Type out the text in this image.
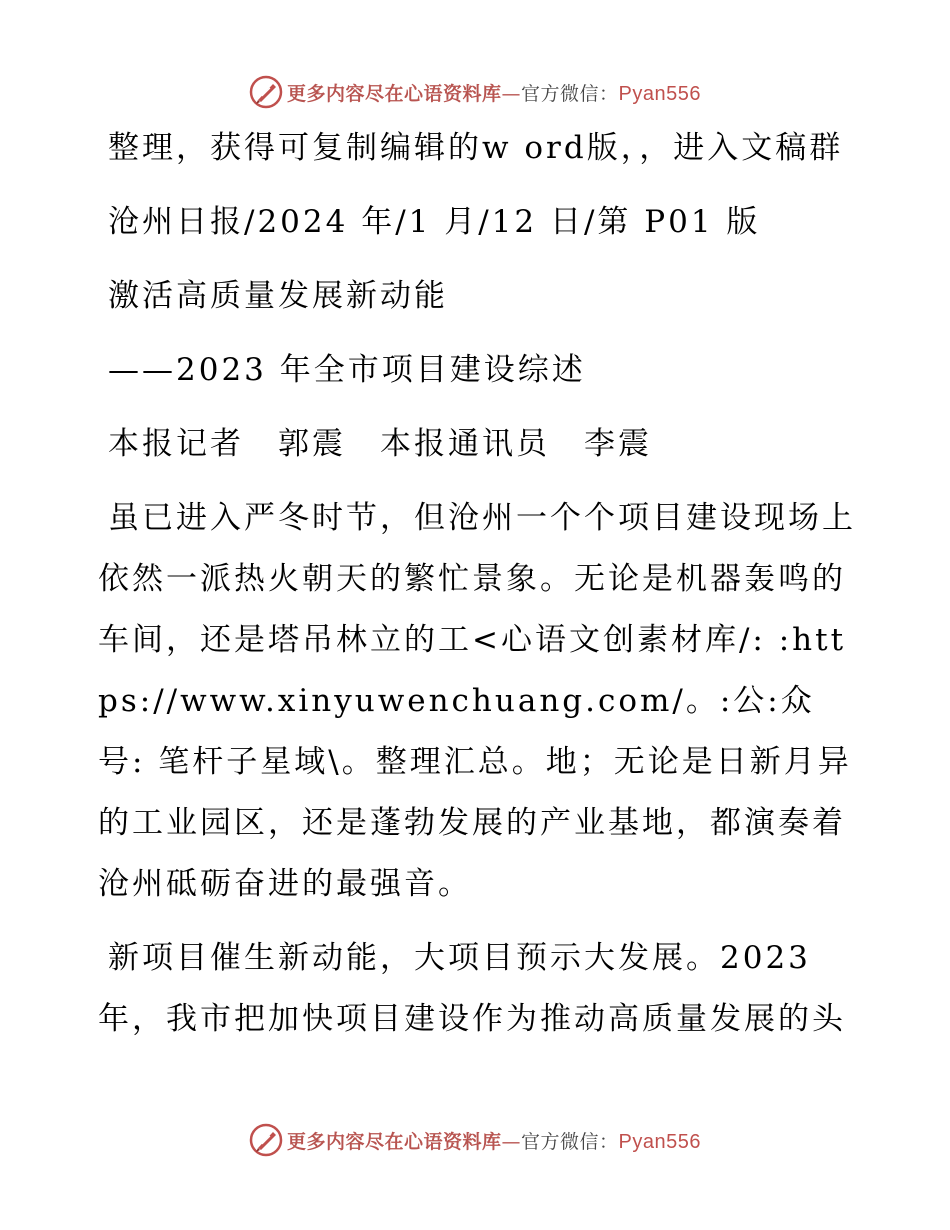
更多内容尽在心语资料库—官方微信：Pyan556

整理，获得可复制编辑的w ord版，，进入文稿群

沧州日报/2024 年/1 月/12 日/第 P01 版

激活高质量发展新动能

——2023 年全市项目建设综述

本报记者　郭震　本报通讯员　李震

虽已进入严冬时节，但沧州一个个项目建设现场上依然一派热火朝天的繁忙景象。无论是机器轰鸣的车间，还是塔吊林立的工<心语文创素材库/: :https://www.xinyuwenchuang.com/。:公:众号: 笔杆子星域\。整理汇总。地；无论是日新月异的工业园区，还是蓬勃发展的产业基地，都演奏着沧州砥砺奋进的最强音。

新项目催生新动能，大项目预示大发展。2023 年，我市把加快项目建设作为推动高质量发展的头

更多内容尽在心语资料库—官方微信：Pyan556
